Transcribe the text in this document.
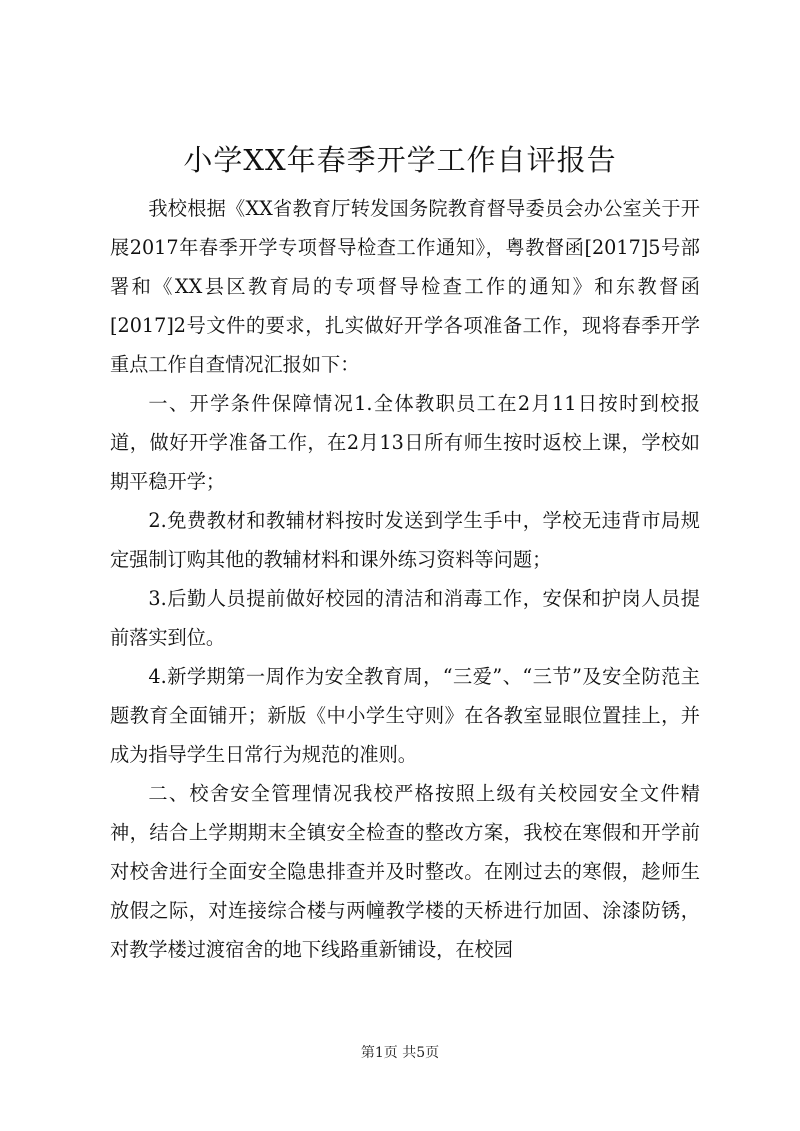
小学XX年春季开学工作自评报告

我校根据《XX省教育厅转发国务院教育督导委员会办公室关于开展2017年春季开学专项督导检查工作通知》，粤教督函[2017]5号部署和《XX县区教育局的专项督导检查工作的通知》和东教督函[2017]2号文件的要求，扎实做好开学各项准备工作，现将春季开学重点工作自查情况汇报如下：

一、开学条件保障情况1.全体教职员工在2月11日按时到校报道，做好开学准备工作，在2月13日所有师生按时返校上课，学校如期平稳开学；

2.免费教材和教辅材料按时发送到学生手中，学校无违背市局规定强制订购其他的教辅材料和课外练习资料等问题；

3.后勤人员提前做好校园的清洁和消毒工作，安保和护岗人员提前落实到位。

4.新学期第一周作为安全教育周，“三爱”、“三节”及安全防范主题教育全面铺开；新版《中小学生守则》在各教室显眼位置挂上，并成为指导学生日常行为规范的准则。

二、校舍安全管理情况我校严格按照上级有关校园安全文件精神，结合上学期期末全镇安全检查的整改方案，我校在寒假和开学前对校舍进行全面安全隐患排查并及时整改。在刚过去的寒假，趁师生放假之际，对连接综合楼与两幢教学楼的天桥进行加固、涂漆防锈，对教学楼过渡宿舍的地下线路重新铺设，在校园

第1页 共5页
